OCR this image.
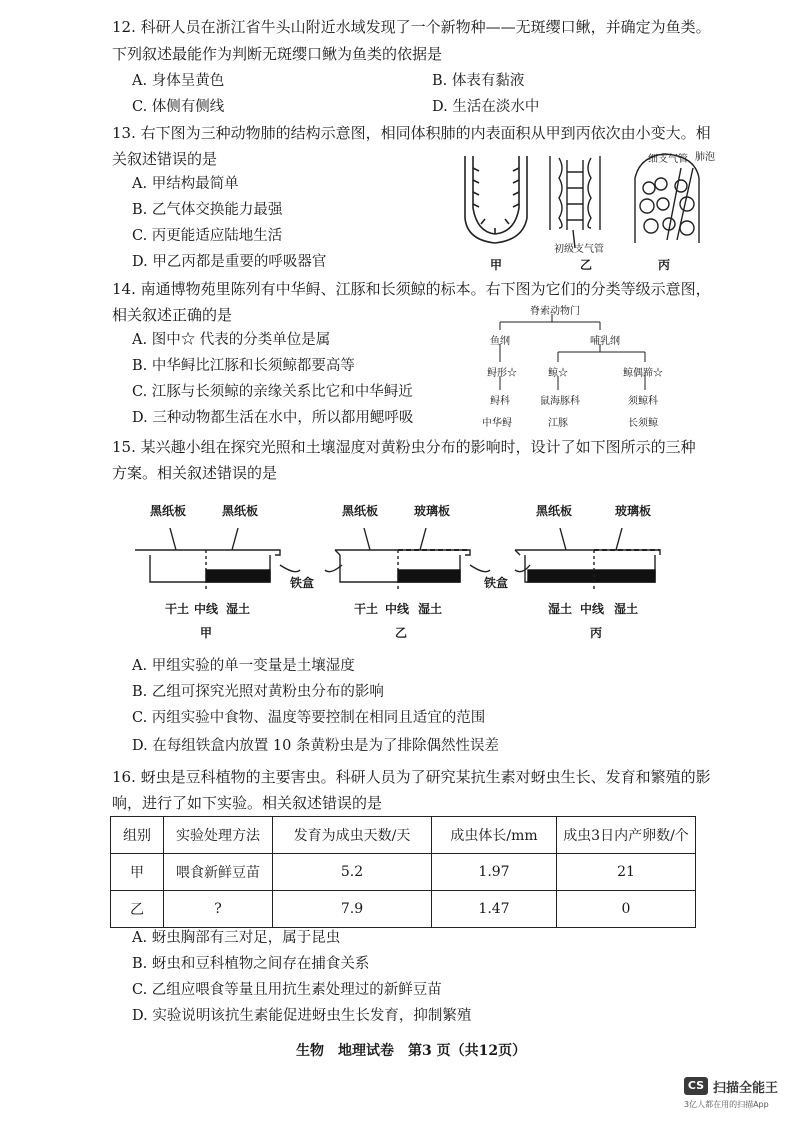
12. 科研人员在浙江省牛头山附近水域发现了一个新物种——无斑缨口鳅，并确定为鱼类。
下列叙述最能作为判断无斑缨口鳅为鱼类的依据是
A. 身体呈黄色	B. 体表有黏液
C. 体侧有侧线	D. 生活在淡水中
13. 右下图为三种动物肺的结构示意图，相同体积肺的内表面积从甲到丙依次由小变大。相
关叙述错误的是
A. 甲结构最简单
B. 乙气体交换能力最强
C. 丙更能适应陆地生活
D. 甲乙丙都是重要的呼吸器官
细支气管 肺泡
初级支气管
甲	乙	丙
14. 南通博物苑里陈列有中华鲟、江豚和长须鲸的标本。右下图为它们的分类等级示意图，
相关叙述正确的是
A. 图中☆ 代表的分类单位是属
B. 中华鲟比江豚和长须鲸都要高等
C. 江豚与长须鲸的亲缘关系比它和中华鲟近
D. 三种动物都生活在水中，所以都用鳃呼吸
脊索动物门
鱼纲	哺乳纲
鲟形☆	鲸☆	鲸偶蹄☆
鲟科	鼠海豚科	须鲸科
中华鲟	江豚	长须鲸
15. 某兴趣小组在探究光照和土壤湿度对黄粉虫分布的影响时，设计了如下图所示的三种
方案。相关叙述错误的是
黑纸板	黑纸板	黑纸板	玻璃板	黑纸板	玻璃板
铁盒	铁盒
干土 中线 湿土	干土 中线 湿土	湿土 中线 湿土
甲	乙	丙
A. 甲组实验的单一变量是土壤湿度
B. 乙组可探究光照对黄粉虫分布的影响
C. 丙组实验中食物、温度等要控制在相同且适宜的范围
D. 在每组铁盒内放置 10 条黄粉虫是为了排除偶然性误差
16. 蚜虫是豆科植物的主要害虫。科研人员为了研究某抗生素对蚜虫生长、发育和繁殖的影
响，进行了如下实验。相关叙述错误的是
组别	实验处理方法	发育为成虫天数/天	成虫体长/mm	成虫3日内产卵数/个
甲	喂食新鲜豆苗	5.2	1.97	21
乙	?	7.9	1.47	0
A. 蚜虫胸部有三对足，属于昆虫
B. 蚜虫和豆科植物之间存在捕食关系
C. 乙组应喂食等量且用抗生素处理过的新鲜豆苗
D. 实验说明该抗生素能促进蚜虫生长发育，抑制繁殖
生物　地理试卷　第3 页（共12页）
CS 扫描全能王
3亿人都在用的扫描App
